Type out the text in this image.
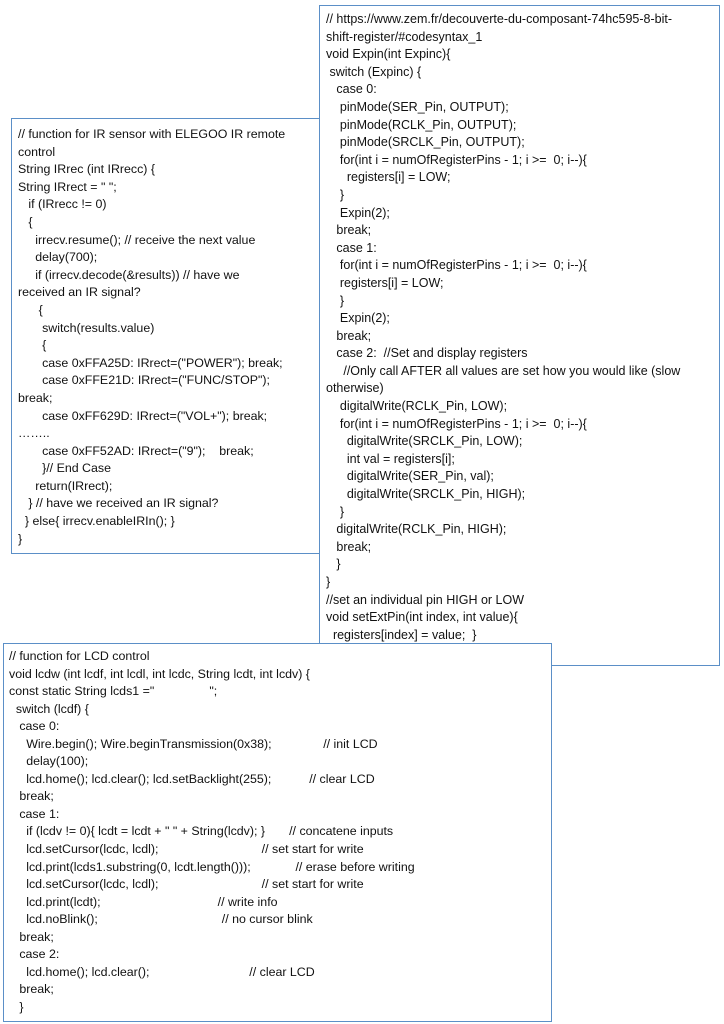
// function for IR sensor with ELEGOO IR remote
control
String IRrec (int IRrecc) {
String IRrect = " ";
if (IRrecc != 0)
{
irrecv.resume(); // receive the next value
delay(700);
if (irrecv.decode(&results)) // have we
received an IR signal?
{
switch(results.value)
{
case 0xFFA25D: IRrect=("POWER"); break;
case 0xFFE21D: IRrect=("FUNC/STOP");
break;
case 0xFF629D: IRrect=("VOL+"); break;
……..
case 0xFF52AD: IRrect=("9");    break;
}// End Case
return(IRrect);
} // have we received an IR signal?
} else{ irrecv.enableIRIn(); }
}
// https://www.zem.fr/decouverte-du-composant-74hc595-8-bit-
shift-register/#codesyntax_1
void Expin(int Expinc){
switch (Expinc) {
case 0:
pinMode(SER_Pin, OUTPUT);
pinMode(RCLK_Pin, OUTPUT);
pinMode(SRCLK_Pin, OUTPUT);
for(int i = numOfRegisterPins - 1; i >=  0; i--){
registers[i] = LOW;
}
Expin(2);
break;
case 1:
for(int i = numOfRegisterPins - 1; i >=  0; i--){
registers[i] = LOW;
}
Expin(2);
break;
case 2:  //Set and display registers
//Only call AFTER all values are set how you would like (slow
otherwise)
digitalWrite(RCLK_Pin, LOW);
for(int i = numOfRegisterPins - 1; i >=  0; i--){
digitalWrite(SRCLK_Pin, LOW);
int val = registers[i];
digitalWrite(SER_Pin, val);
digitalWrite(SRCLK_Pin, HIGH);
}
digitalWrite(RCLK_Pin, HIGH);
break;
}
}
//set an individual pin HIGH or LOW
void setExtPin(int index, int value){
registers[index] = value;  }
// function for LCD control
void lcdw (int lcdf, int lcdl, int lcdc, String lcdt, int lcdv) {
const static String lcds1 ="                ";
switch (lcdf) {
case 0:
Wire.begin(); Wire.beginTransmission(0x38);               // init LCD
delay(100);
lcd.home(); lcd.clear(); lcd.setBacklight(255);           // clear LCD
break;
case 1:
if (lcdv != 0){ lcdt = lcdt + " " + String(lcdv); }       // concatene inputs
lcd.setCursor(lcdc, lcdl);                              // set start for write
lcd.print(lcds1.substring(0, lcdt.length()));             // erase before writing
lcd.setCursor(lcdc, lcdl);                              // set start for write
lcd.print(lcdt);                                  // write info
lcd.noBlink();                                    // no cursor blink
break;
case 2:
lcd.home(); lcd.clear();                             // clear LCD
break;
}
